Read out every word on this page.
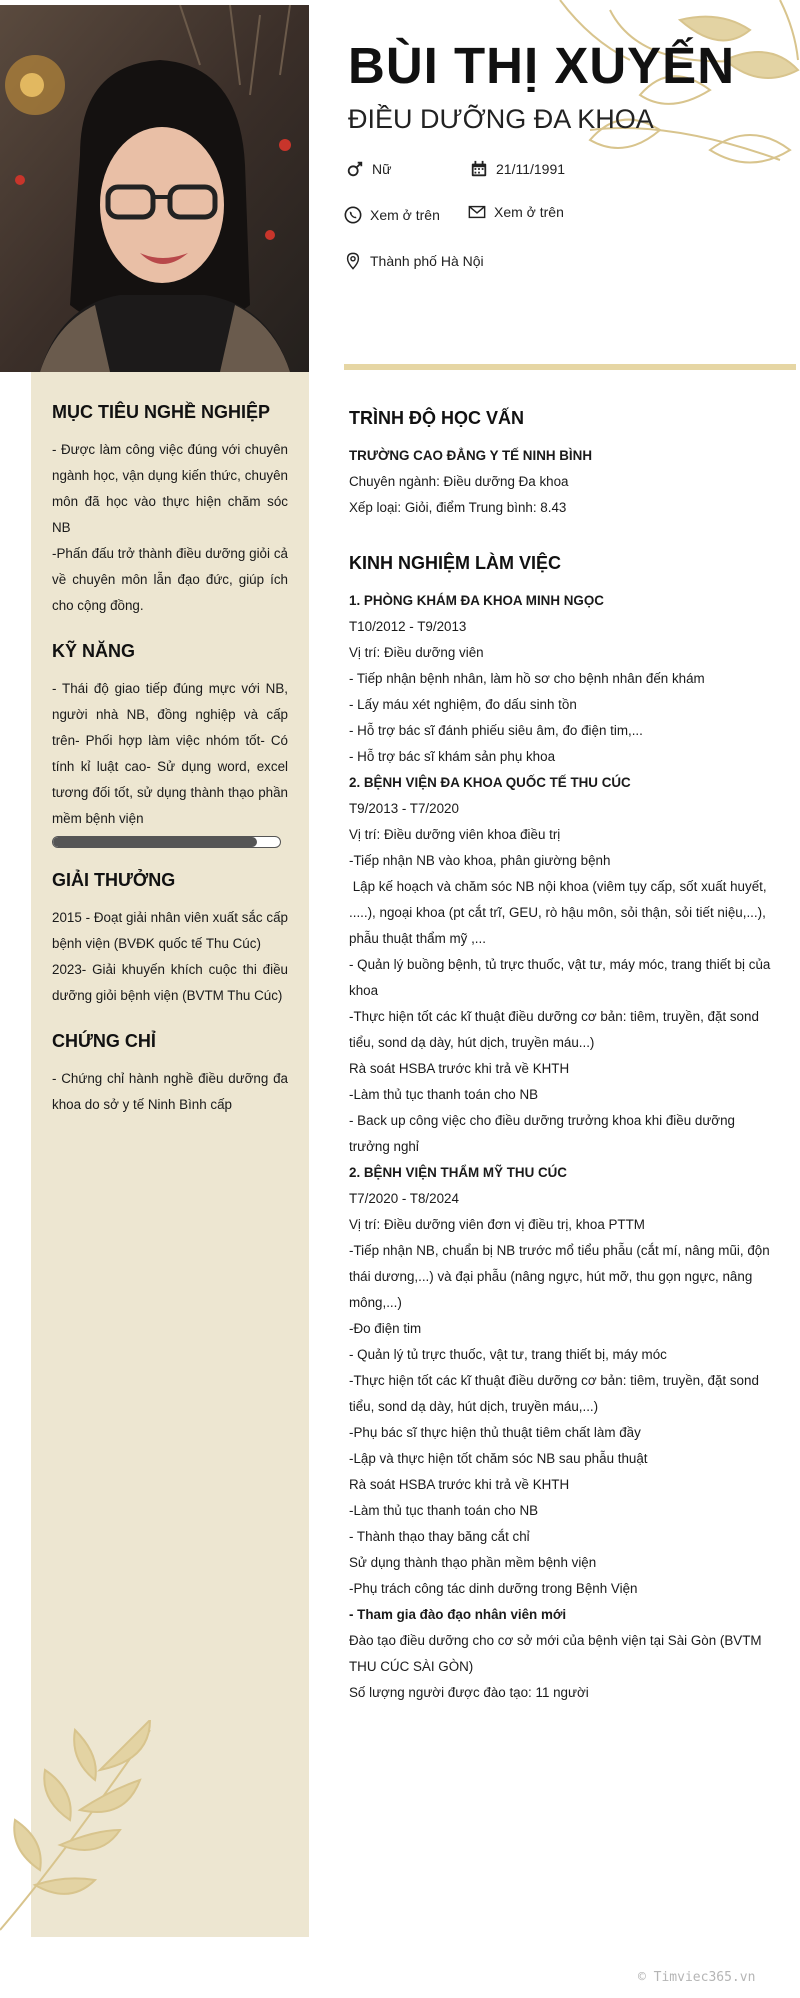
BÙI THỊ XUYẾN
ĐIỀU DƯỠNG ĐA KHOA
Nữ	21/11/1991
Xem ở trên	Xem ở trên
Thành phố Hà Nội
MỤC TIÊU NGHỀ NGHIỆP

- Được làm công việc đúng với chuyên ngành học, vận dụng kiến thức, chuyên môn đã học vào thực hiện chăm sóc NB

-Phấn đấu trở thành điều dưỡng giỏi cả về chuyên môn lẫn đạo đức, giúp ích cho cộng đồng.

KỸ NĂNG

- Thái độ giao tiếp đúng mực với NB, người nhà NB, đồng nghiệp và cấp trên- Phối hợp làm việc nhóm tốt- Có tính kỉ luật cao- Sử dụng word, excel tương đối tốt, sử dụng thành thạo phần mềm bệnh viện

GIẢI THƯỞNG

2015 - Đoạt giải nhân viên xuất sắc cấp bệnh viện (BVĐK quốc tế Thu Cúc)

2023- Giải khuyến khích cuộc thi điều dưỡng giỏi bệnh viện (BVTM Thu Cúc)

CHỨNG CHỈ

- Chứng chỉ hành nghề điều dưỡng đa khoa do sở y tế Ninh Bình cấp

TRÌNH ĐỘ HỌC VẤN

TRƯỜNG CAO ĐẲNG Y TẾ NINH BÌNH

Chuyên ngành: Điều dưỡng Đa khoa

Xếp loại: Giỏi, điểm Trung bình: 8.43

KINH NGHIỆM LÀM VIỆC

1. PHÒNG KHÁM ĐA KHOA MINH NGỌC

T10/2012 - T9/2013

Vị trí: Điều dưỡng viên

- Tiếp nhận bệnh nhân, làm hồ sơ cho bệnh nhân đến khám

- Lấy máu xét nghiệm, đo dấu sinh tồn

- Hỗ trợ bác sĩ đánh phiếu siêu âm, đo điện tim,...

- Hỗ trợ bác sĩ khám sản phụ khoa

2. BỆNH VIỆN ĐA KHOA QUỐC TẾ THU CÚC

T9/2013 - T7/2020

Vị trí: Điều dưỡng viên khoa điều trị

-Tiếp nhận NB vào khoa, phân giường bệnh

Lập kế hoạch và chăm sóc NB nội khoa (viêm tụy cấp, sốt xuất huyết, .....), ngoại khoa (pt cắt trĩ, GEU, rò hậu môn, sỏi thận, sỏi tiết niệu,...), phẫu thuật thẩm mỹ ,...

- Quản lý buồng bệnh, tủ trực thuốc, vật tư, máy móc, trang thiết bị của khoa

-Thực hiện tốt các kĩ thuật điều dưỡng cơ bản: tiêm, truyền, đặt sond tiểu, sond dạ dày, hút dịch, truyền máu...)

Rà soát HSBA trước khi trả về KHTH

-Làm thủ tục thanh toán cho NB

- Back up công việc cho điều dưỡng trưởng khoa khi điều dưỡng trưởng nghỉ

2. BỆNH VIỆN THẨM MỸ THU CÚC

T7/2020 - T8/2024

Vị trí: Điều dưỡng viên đơn vị điều trị, khoa PTTM

-Tiếp nhận NB, chuẩn bị NB trước mổ tiểu phẫu (cắt mí, nâng mũi, độn thái dương,...) và đại phẫu (nâng ngực, hút mỡ, thu gọn ngực, nâng mông,...)

-Đo điện tim

- Quản lý tủ trực thuốc, vật tư, trang thiết bị, máy móc

-Thực hiện tốt các kĩ thuật điều dưỡng cơ bản: tiêm, truyền, đặt sond tiểu, sond dạ dày, hút dịch, truyền máu,...)

-Phụ bác sĩ thực hiện thủ thuật tiêm chất làm đầy

-Lập và thực hiện tốt chăm sóc NB sau phẫu thuật

Rà soát HSBA trước khi trả về KHTH

-Làm thủ tục thanh toán cho NB

- Thành thạo thay băng cắt chỉ

Sử dụng thành thạo phần mềm bệnh viện

-Phụ trách công tác dinh dưỡng trong Bệnh Viện

- Tham gia đào đạo nhân viên mới

Đào tạo điều dưỡng cho cơ sở mới của bệnh viện tại Sài Gòn (BVTM THU CÚC SÀI GÒN)

Số lượng người được đào tạo: 11 người

© Timviec365.vn
